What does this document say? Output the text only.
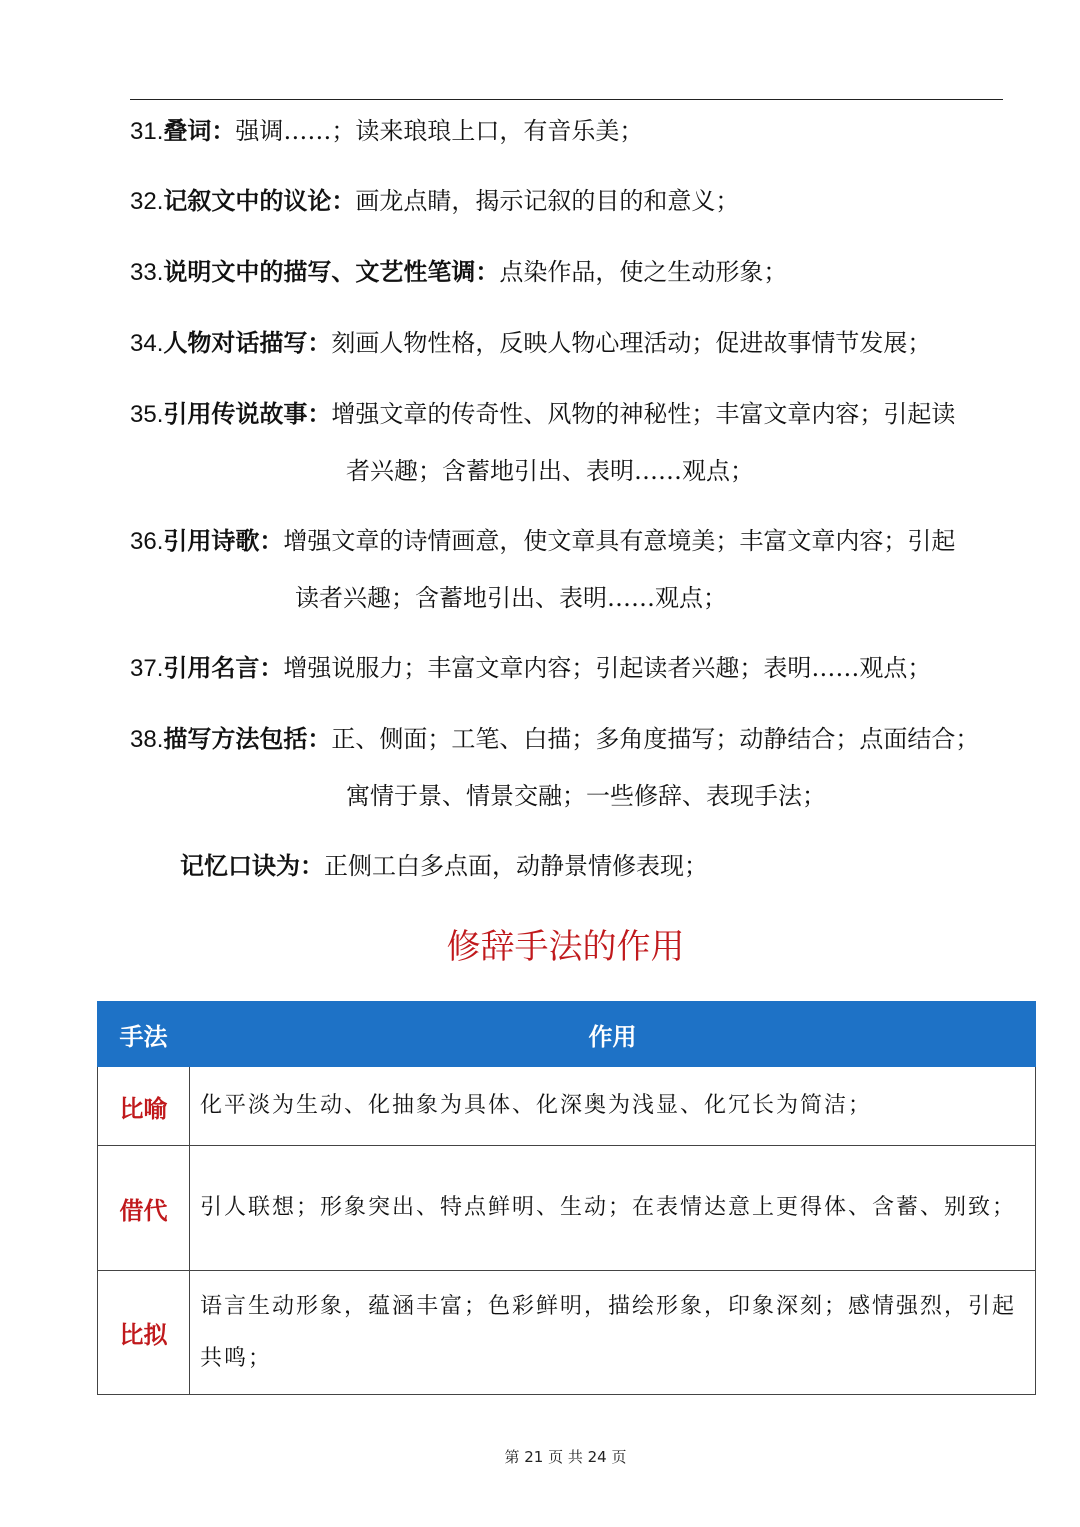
31.叠词：强调……；读来琅琅上口，有音乐美；
32.记叙文中的议论：画龙点睛，揭示记叙的目的和意义；
33.说明文中的描写、文艺性笔调：点染作品，使之生动形象；
34.人物对话描写：刻画人物性格，反映人物心理活动；促进故事情节发展；
35.引用传说故事：增强文章的传奇性、风物的神秘性；丰富文章内容；引起读
者兴趣；含蓄地引出、表明……观点；
36.引用诗歌：增强文章的诗情画意，使文章具有意境美；丰富文章内容；引起
读者兴趣；含蓄地引出、表明……观点；
37.引用名言：增强说服力；丰富文章内容；引起读者兴趣；表明……观点；
38.描写方法包括：正、侧面；工笔、白描；多角度描写；动静结合；点面结合；
寓情于景、情景交融；一些修辞、表现手法；
记忆口诀为：正侧工白多点面，动静景情修表现；
修辞手法的作用
手法	作用
比喻	化平淡为生动、化抽象为具体、化深奥为浅显、化冗长为简洁；
借代	引人联想；形象突出、特点鲜明、生动；在表情达意上更得体、含蓄、别致；
比拟	语言生动形象，蕴涵丰富；色彩鲜明，描绘形象，印象深刻；感情强烈，引起共鸣；
第 21 页 共 24 页
